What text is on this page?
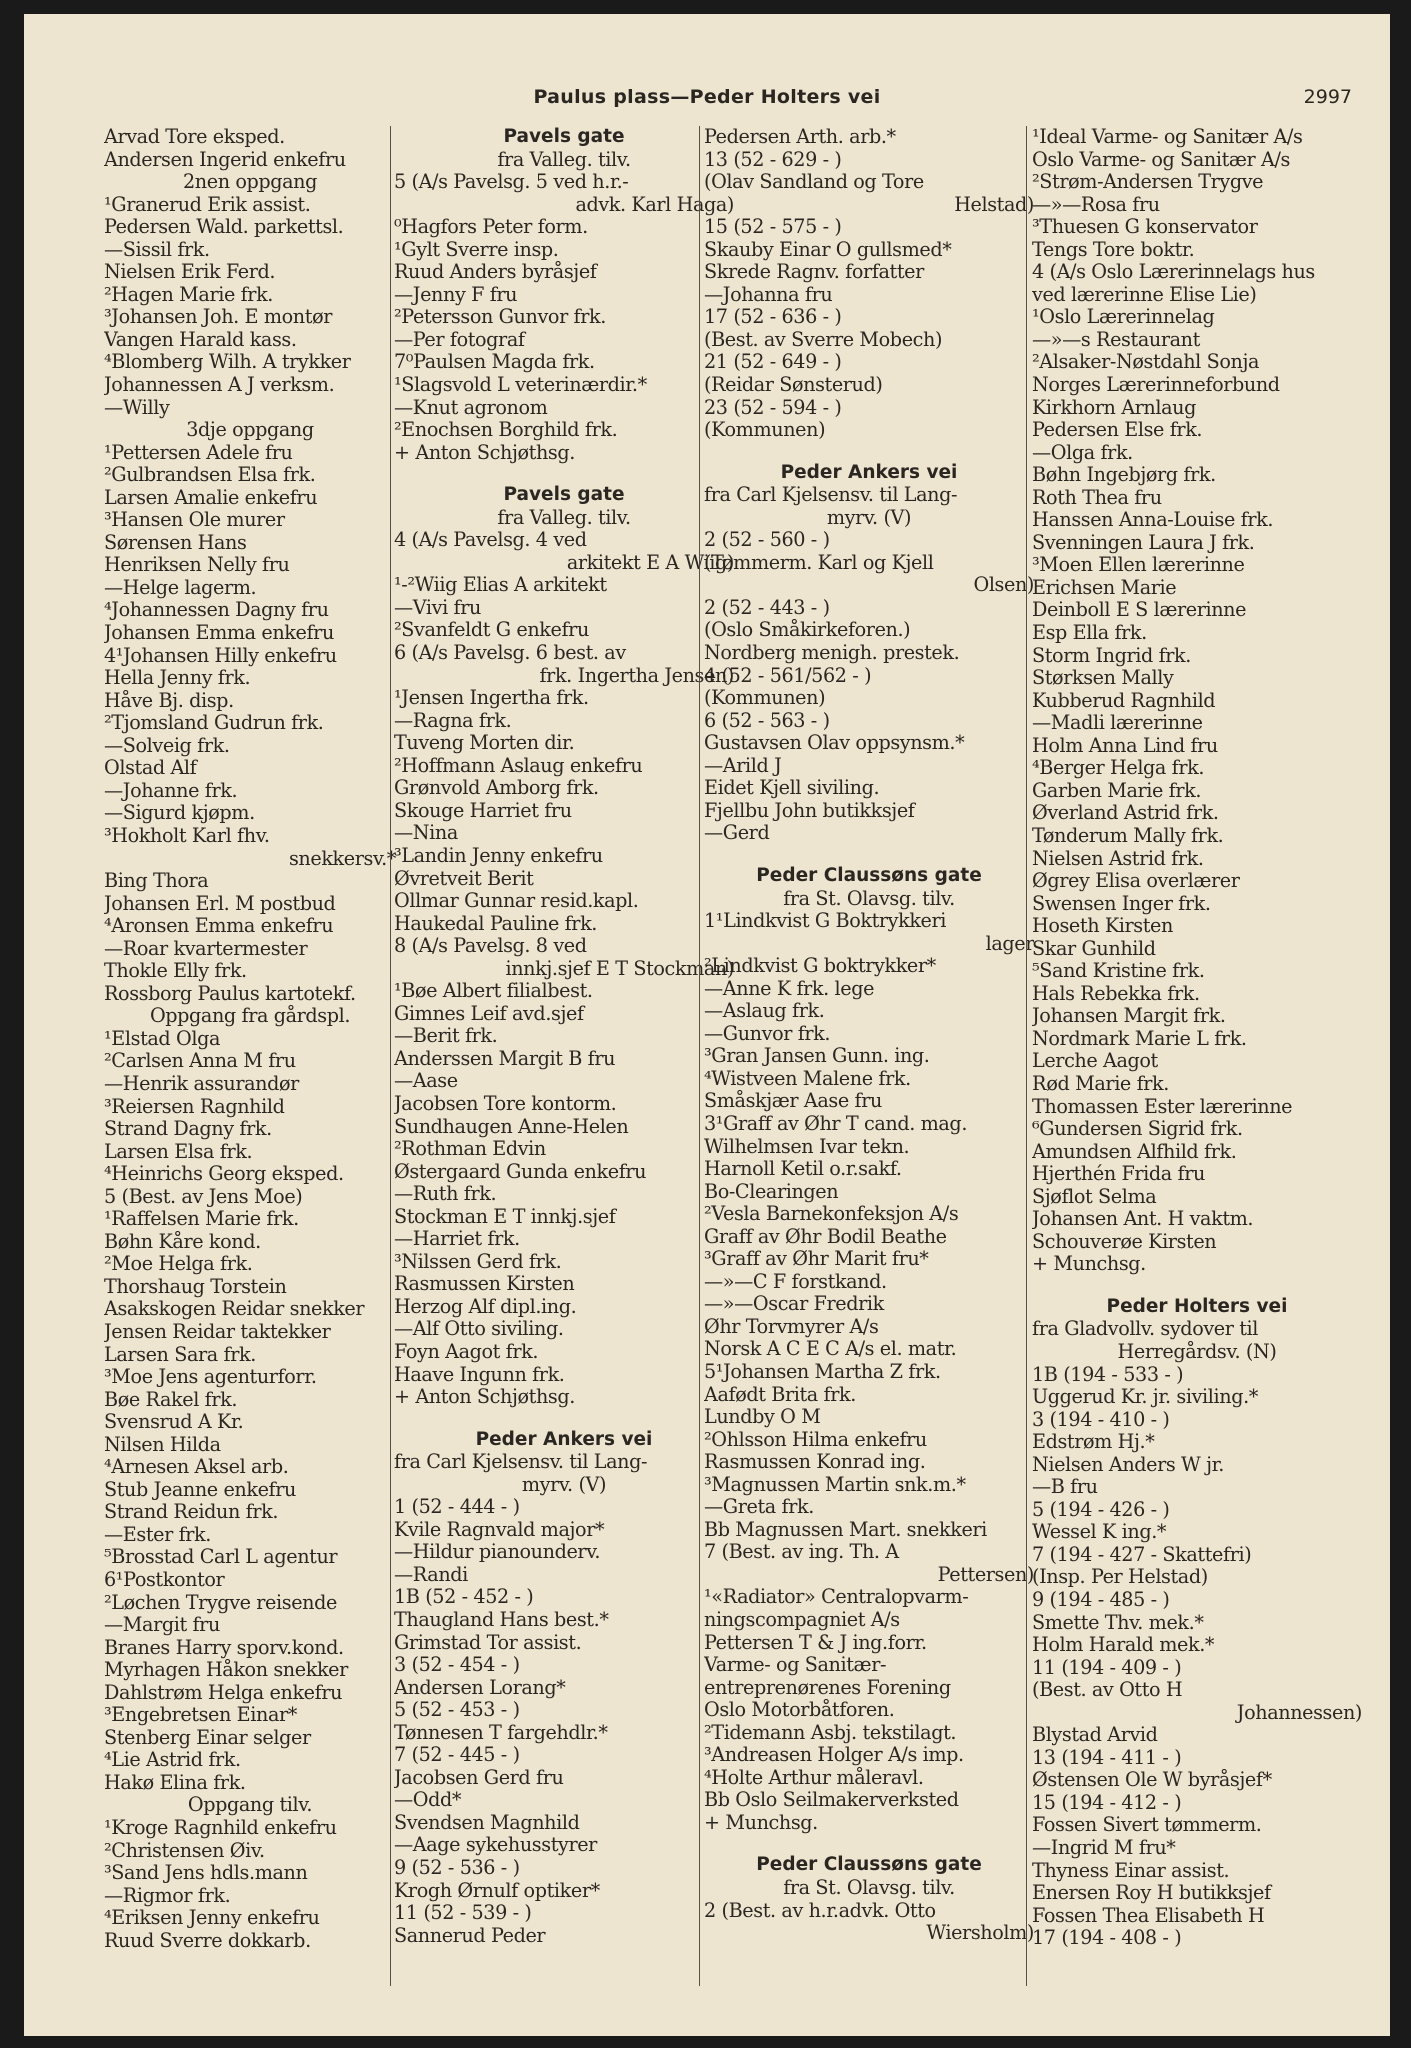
Paulus plass—Peder Holters vei	2997
Arvad Tore eksped.
Andersen Ingerid enkefru
2nen oppgang
¹Granerud Erik assist.
Pedersen Wald. parkettsl.
—Sissil frk.
Nielsen Erik Ferd.
²Hagen Marie frk.
³Johansen Joh. E montør
Vangen Harald kass.
⁴Blomberg Wilh. A trykker
Johannessen A J verksm.
—Willy
3dje oppgang
¹Pettersen Adele fru
²Gulbrandsen Elsa frk.
Larsen Amalie enkefru
³Hansen Ole murer
Sørensen Hans
Henriksen Nelly fru
—Helge lagerm.
⁴Johannessen Dagny fru
Johansen Emma enkefru
4¹Johansen Hilly enkefru
Hella Jenny frk.
Håve Bj. disp.
²Tjomsland Gudrun frk.
—Solveig frk.
Olstad Alf
—Johanne frk.
—Sigurd kjøpm.
³Hokholt Karl fhv.
snekkersv.*
Bing Thora
Johansen Erl. M postbud
⁴Aronsen Emma enkefru
—Roar kvartermester
Thokle Elly frk.
Rossborg Paulus kartotekf.
Oppgang fra gårdspl.
¹Elstad Olga
²Carlsen Anna M fru
—Henrik assurandør
³Reiersen Ragnhild
Strand Dagny frk.
Larsen Elsa frk.
⁴Heinrichs Georg eksped.
5 (Best. av Jens Moe)
¹Raffelsen Marie frk.
Bøhn Kåre kond.
²Moe Helga frk.
Thorshaug Torstein
Asakskogen Reidar snekker
Jensen Reidar taktekker
Larsen Sara frk.
³Moe Jens agenturforr.
Bøe Rakel frk.
Svensrud A Kr.
Nilsen Hilda
⁴Arnesen Aksel arb.
Stub Jeanne enkefru
Strand Reidun frk.
—Ester frk.
⁵Brosstad Carl L agentur
6¹Postkontor
²Løchen Trygve reisende
—Margit fru
Branes Harry sporv.kond.
Myrhagen Håkon snekker
Dahlstrøm Helga enkefru
³Engebretsen Einar*
Stenberg Einar selger
⁴Lie Astrid frk.
Hakø Elina frk.
Oppgang tilv.
¹Kroge Ragnhild enkefru
²Christensen Øiv.
³Sand Jens hdls.mann
—Rigmor frk.
⁴Eriksen Jenny enkefru
Ruud Sverre dokkarb.
Pavels gate
fra Valleg. tilv.
5 (A/s Pavelsg. 5 ved h.r.-
advk. Karl Haga)
⁰Hagfors Peter form.
¹Gylt Sverre insp.
Ruud Anders byråsjef
—Jenny F fru
²Petersson Gunvor frk.
—Per fotograf
7⁰Paulsen Magda frk.
¹Slagsvold L veterinærdir.*
—Knut agronom
²Enochsen Borghild frk.
+ Anton Schjøthsg.
Pavels gate
fra Valleg. tilv.
4 (A/s Pavelsg. 4 ved
arkitekt E A Wiig)
¹-²Wiig Elias A arkitekt
—Vivi fru
²Svanfeldt G enkefru
6 (A/s Pavelsg. 6 best. av
frk. Ingertha Jensen)
¹Jensen Ingertha frk.
—Ragna frk.
Tuveng Morten dir.
²Hoffmann Aslaug enkefru
Grønvold Amborg frk.
Skouge Harriet fru
—Nina
³Landin Jenny enkefru
Øvretveit Berit
Ollmar Gunnar resid.kapl.
Haukedal Pauline frk.
8 (A/s Pavelsg. 8 ved
innkj.sjef E T Stockman)
¹Bøe Albert filialbest.
Gimnes Leif avd.sjef
—Berit frk.
Anderssen Margit B fru
—Aase
Jacobsen Tore kontorm.
Sundhaugen Anne-Helen
²Rothman Edvin
Østergaard Gunda enkefru
—Ruth frk.
Stockman E T innkj.sjef
—Harriet frk.
³Nilssen Gerd frk.
Rasmussen Kirsten
Herzog Alf dipl.ing.
—Alf Otto siviling.
Foyn Aagot frk.
Haave Ingunn frk.
+ Anton Schjøthsg.
Peder Ankers vei
fra Carl Kjelsensv. til Lang-
myrv. (V)
1 (52 - 444 - )
Kvile Ragnvald major*
—Hildur pianounderv.
—Randi
1B (52 - 452 - )
Thaugland Hans best.*
Grimstad Tor assist.
3 (52 - 454 - )
Andersen Lorang*
5 (52 - 453 - )
Tønnesen T fargehdlr.*
7 (52 - 445 - )
Jacobsen Gerd fru
—Odd*
Svendsen Magnhild
—Aage sykehusstyrer
9 (52 - 536 - )
Krogh Ørnulf optiker*
11 (52 - 539 - )
Sannerud Peder
Pedersen Arth. arb.*
13 (52 - 629 - )
(Olav Sandland og Tore
Helstad)
15 (52 - 575 - )
Skauby Einar O gullsmed*
Skrede Ragnv. forfatter
—Johanna fru
17 (52 - 636 - )
(Best. av Sverre Mobech)
21 (52 - 649 - )
(Reidar Sønsterud)
23 (52 - 594 - )
(Kommunen)
Peder Ankers vei
fra Carl Kjelsensv. til Lang-
myrv. (V)
2 (52 - 560 - )
(Tømmerm. Karl og Kjell
Olsen)
2 (52 - 443 - )
(Oslo Småkirkeforen.)
Nordberg menigh. prestek.
4 (52 - 561/562 - )
(Kommunen)
6 (52 - 563 - )
Gustavsen Olav oppsynsm.*
—Arild J
Eidet Kjell siviling.
Fjellbu John butikksjef
—Gerd
Peder Claussøns gate
fra St. Olavsg. tilv.
1¹Lindkvist G Boktrykkeri
lager
²Lindkvist G boktrykker*
—Anne K frk. lege
—Aslaug frk.
—Gunvor frk.
³Gran Jansen Gunn. ing.
⁴Wistveen Malene frk.
Småskjær Aase fru
3¹Graff av Øhr T cand. mag.
Wilhelmsen Ivar tekn.
Harnoll Ketil o.r.sakf.
Bo-Clearingen
²Vesla Barnekonfeksjon A/s
Graff av Øhr Bodil Beathe
³Graff av Øhr Marit fru*
—»—C F forstkand.
—»—Oscar Fredrik
Øhr Torvmyrer A/s
Norsk A C E C A/s el. matr.
5¹Johansen Martha Z frk.
Aafødt Brita frk.
Lundby O M
²Ohlsson Hilma enkefru
Rasmussen Konrad ing.
³Magnussen Martin snk.m.*
—Greta frk.
Bb Magnussen Mart. snekkeri
7 (Best. av ing. Th. A
Pettersen)
¹«Radiator» Centralopvarm-
ningscompagniet A/s
Pettersen T & J ing.forr.
Varme- og Sanitær-
entreprenørenes Forening
Oslo Motorbåtforen.
²Tidemann Asbj. tekstilagt.
³Andreasen Holger A/s imp.
⁴Holte Arthur måleravl.
Bb Oslo Seilmakerverksted
+ Munchsg.
Peder Claussøns gate
fra St. Olavsg. tilv.
2 (Best. av h.r.advk. Otto
Wiersholm)
¹Ideal Varme- og Sanitær A/s
Oslo Varme- og Sanitær A/s
²Strøm-Andersen Trygve
—»—Rosa fru
³Thuesen G konservator
Tengs Tore boktr.
4 (A/s Oslo Lærerinnelags hus
ved lærerinne Elise Lie)
¹Oslo Lærerinnelag
—»—s Restaurant
²Alsaker-Nøstdahl Sonja
Norges Lærerinneforbund
Kirkhorn Arnlaug
Pedersen Else frk.
—Olga frk.
Bøhn Ingebjørg frk.
Roth Thea fru
Hanssen Anna-Louise frk.
Svenningen Laura J frk.
³Moen Ellen lærerinne
Erichsen Marie
Deinboll E S lærerinne
Esp Ella frk.
Storm Ingrid frk.
Størksen Mally
Kubberud Ragnhild
—Madli lærerinne
Holm Anna Lind fru
⁴Berger Helga frk.
Garben Marie frk.
Øverland Astrid frk.
Tønderum Mally frk.
Nielsen Astrid frk.
Øgrey Elisa overlærer
Swensen Inger frk.
Hoseth Kirsten
Skar Gunhild
⁵Sand Kristine frk.
Hals Rebekka frk.
Johansen Margit frk.
Nordmark Marie L frk.
Lerche Aagot
Rød Marie frk.
Thomassen Ester lærerinne
⁶Gundersen Sigrid frk.
Amundsen Alfhild frk.
Hjerthén Frida fru
Sjøflot Selma
Johansen Ant. H vaktm.
Schouverøe Kirsten
+ Munchsg.
Peder Holters vei
fra Gladvollv. sydover til
Herregårdsv. (N)
1B (194 - 533 - )
Uggerud Kr. jr. siviling.*
3 (194 - 410 - )
Edstrøm Hj.*
Nielsen Anders W jr.
—B fru
5 (194 - 426 - )
Wessel K ing.*
7 (194 - 427 - Skattefri)
(Insp. Per Helstad)
9 (194 - 485 - )
Smette Thv. mek.*
Holm Harald mek.*
11 (194 - 409 - )
(Best. av Otto H
Johannessen)
Blystad Arvid
13 (194 - 411 - )
Østensen Ole W byråsjef*
15 (194 - 412 - )
Fossen Sivert tømmerm.
—Ingrid M fru*
Thyness Einar assist.
Enersen Roy H butikksjef
Fossen Thea Elisabeth H
17 (194 - 408 - )
